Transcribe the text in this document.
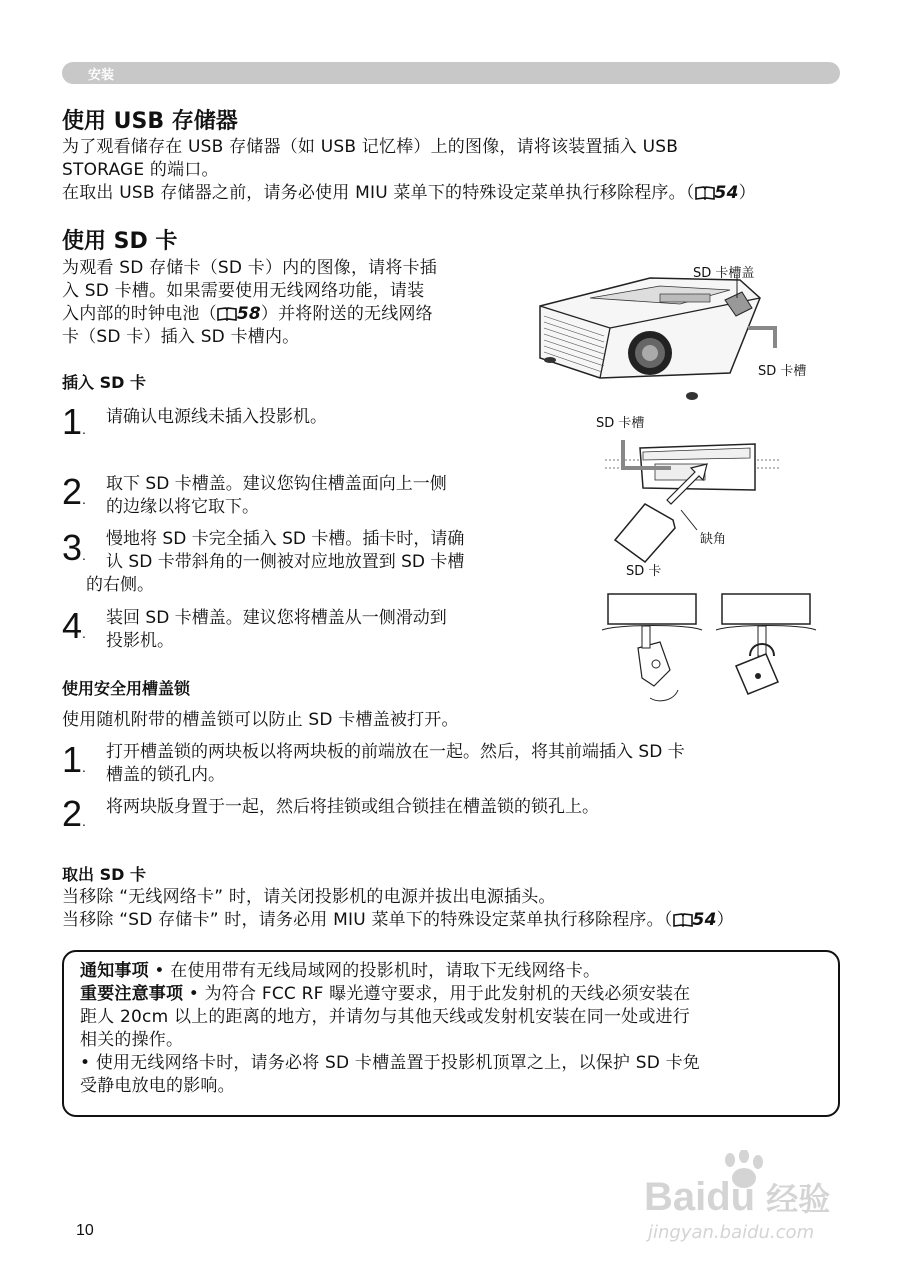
安装
使用 USB 存储器
为了观看储存在 USB 存储器（如 USB 记忆棒）上的图像，请将该装置插入 USB
STORAGE 的端口。
在取出 USB 存储器之前，请务必使用 MIU 菜单下的特殊设定菜单执行移除程序。（ 54）
使用 SD 卡
为观看 SD 存储卡（SD 卡）内的图像，请将卡插
入 SD 卡槽。如果需要使用无线网络功能，请装
入内部的时钟电池（ 58）并将附送的无线网络
卡（SD 卡）插入 SD 卡槽内。
SD 卡槽盖
SD 卡槽
插入 SD 卡
1 . 请确认电源线未插入投影机。
2 . 取下 SD 卡槽盖。建议您钩住槽盖面向上一侧
的边缘以将它取下。
3 . 慢地将 SD 卡完全插入 SD 卡槽。插卡时，请确
认 SD 卡带斜角的一侧被对应地放置到 SD 卡槽
的右侧。
4 . 装回 SD 卡槽盖。建议您将槽盖从一侧滑动到
投影机。
SD 卡槽
缺角
SD 卡
使用安全用槽盖锁
使用随机附带的槽盖锁可以防止 SD 卡槽盖被打开。
1 . 打开槽盖锁的两块板以将两块板的前端放在一起。然后，将其前端插入 SD 卡
槽盖的锁孔内。
2 . 将两块版身置于一起，然后将挂锁或组合锁挂在槽盖锁的锁孔上。
取出 SD 卡
当移除 “无线网络卡” 时，请关闭投影机的电源并拔出电源插头。
当移除 “SD 存储卡” 时，请务必用 MIU 菜单下的特殊设定菜单执行移除程序。（ 54）
通知事项 • 在使用带有无线局域网的投影机时，请取下无线网络卡。
重要注意事项 • 为符合 FCC RF 曝光遵守要求，用于此发射机的天线必须安装在
距人 20cm 以上的距离的地方，并请勿与其他天线或发射机安装在同一处或进行
相关的操作。
• 使用无线网络卡时，请务必将 SD 卡槽盖置于投影机顶罩之上，以保护 SD 卡免
受静电放电的影响。
Baidu 经验
jingyan.baidu.com
10
